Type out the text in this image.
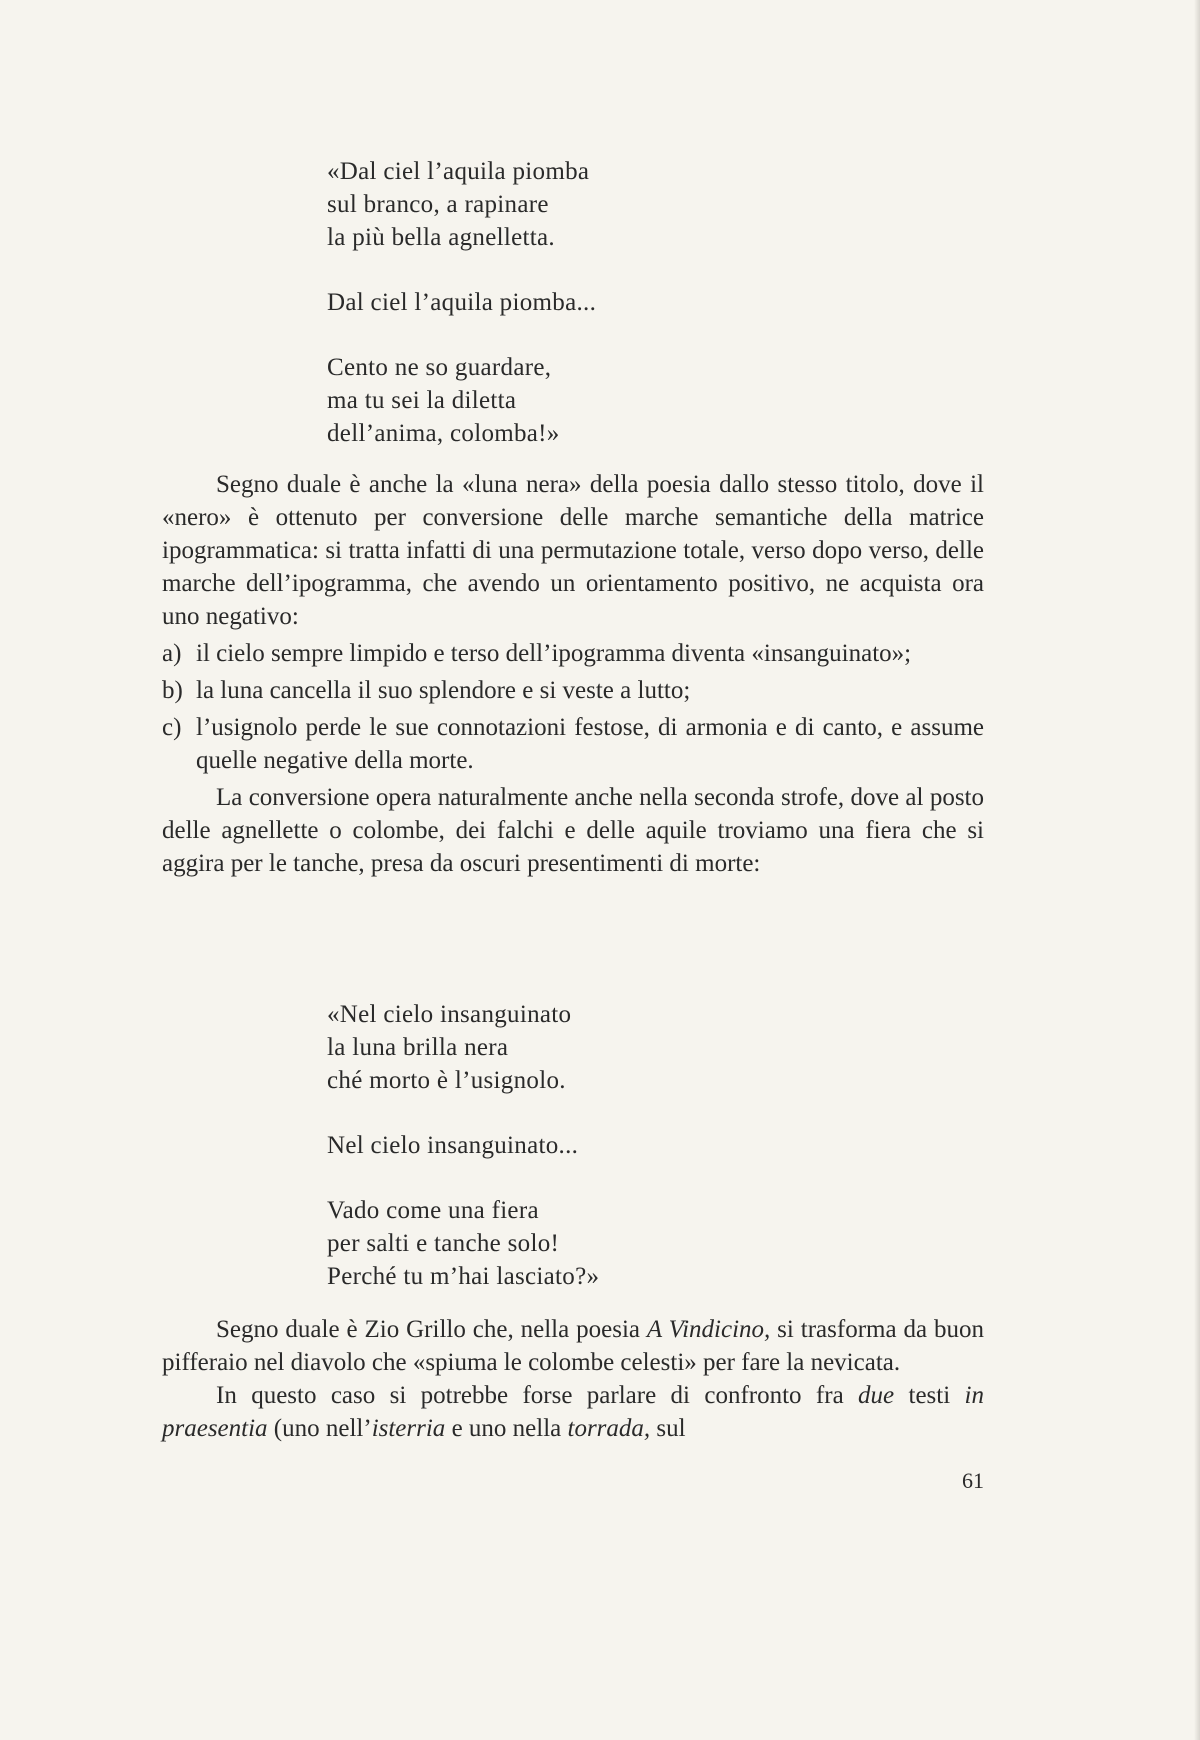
«Dal ciel l’aquila piomba
sul branco, a rapinare
la più bella agnelletta.
Dal ciel l’aquila piomba...
Cento ne so guardare,
ma tu sei la diletta
dell’anima, colomba!»

Segno duale è anche la «luna nera» della poesia dallo stesso titolo, dove il «nero» è ottenuto per conversione delle marche semantiche della matrice ipogrammatica: si tratta infatti di una permutazione totale, verso dopo verso, delle marche dell’ipogramma, che avendo un orientamento positivo, ne acquista ora uno negativo:

a) il cielo sempre limpido e terso dell’ipogramma diventa «insanguinato»;
b) la luna cancella il suo splendore e si veste a lutto;
c) l’usignolo perde le sue connotazioni festose, di armonia e di canto, e assume quelle negative della morte.

La conversione opera naturalmente anche nella seconda strofe, dove al posto delle agnellette o colombe, dei falchi e delle aquile troviamo una fiera che si aggira per le tanche, presa da oscuri presentimenti di morte:

«Nel cielo insanguinato
la luna brilla nera
ché morto è l’usignolo.
Nel cielo insanguinato...
Vado come una fiera
per salti e tanche solo!
Perché tu m’hai lasciato?»

Segno duale è Zio Grillo che, nella poesia A Vindicino, si trasforma da buon pifferaio nel diavolo che «spiuma le colombe celesti» per fare la nevicata.

In questo caso si potrebbe forse parlare di confronto fra due testi in praesentia (uno nell’isterria e uno nella torrada, sul

61
